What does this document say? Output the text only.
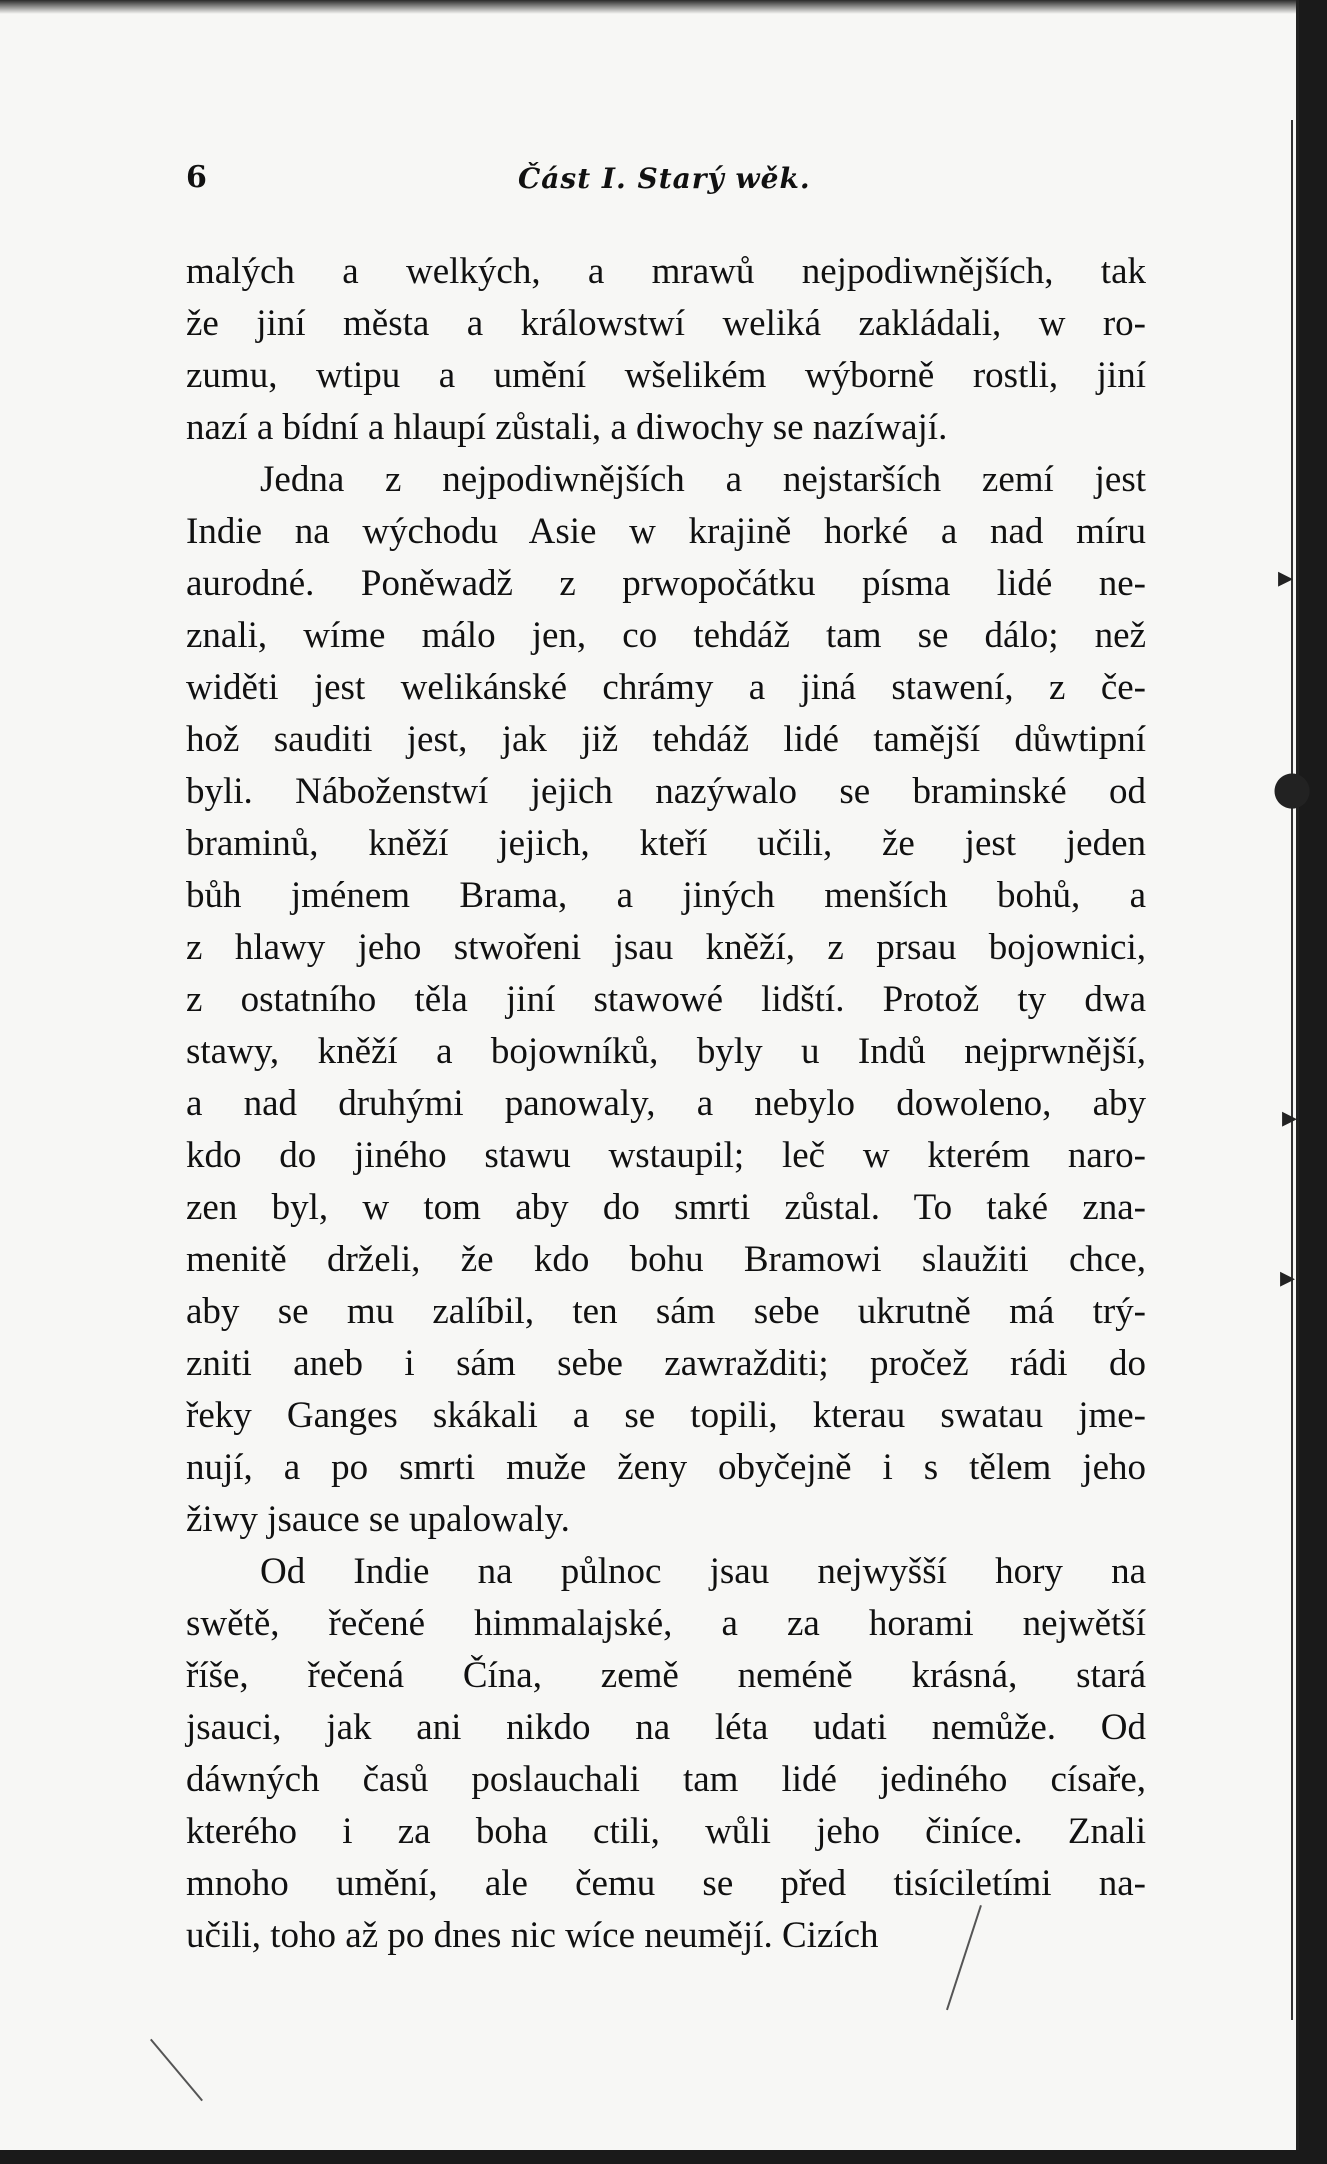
6	Část I. Starý wěk.
malých a welkých, a mrawů nejpodiwnějších, tak
že jiní města a králowstwí weliká zakládali, w ro-
zumu, wtipu a umění wšelikém wýborně rostli, jiní
nazí a bídní a hlaupí zůstali, a diwochy se nazíwají.
Jedna z nejpodiwnějších a nejstarších zemí jest
Indie na wýchodu Asie w krajině horké a nad míru
aurodné. Poněwadž z prwopočátku písma lidé ne-
znali, wíme málo jen, co tehdáž tam se dálo; než
widěti jest welikánské chrámy a jiná stawení, z če-
hož sauditi jest, jak již tehdáž lidé tamější důwtipní
byli. Náboženstwí jejich nazýwalo se braminské od
braminů, kněží jejich, kteří učili, že jest jeden
bůh jménem Brama, a jiných menších bohů, a
z hlawy jeho stwořeni jsau kněží, z prsau bojownici,
z ostatního těla jiní stawowé lidští. Protož ty dwa
stawy, kněží a bojowníků, byly u Indů nejprwnější,
a nad druhými panowaly, a nebylo dowoleno, aby
kdo do jiného stawu wstaupil; leč w kterém naro-
zen byl, w tom aby do smrti zůstal. To také zna-
menitě drželi, že kdo bohu Bramowi slaužiti chce,
aby se mu zalíbil, ten sám sebe ukrutně má trý-
zniti aneb i sám sebe zawražditi; pročež rádi do
řeky Ganges skákali a se topili, kterau swatau jme-
nují, a po smrti muže ženy obyčejně i s tělem jeho
žiwy jsauce se upalowaly.
Od Indie na půlnoc jsau nejwyšší hory na
swětě, řečené himmalajské, a za horami nejwětší
říše, řečená Čína, země neméně krásná, stará
jsauci, jak ani nikdo na léta udati nemůže. Od
dáwných časů poslauchali tam lidé jediného císaře,
kterého i za boha ctili, wůli jeho činíce. Znali
mnoho umění, ale čemu se před tisíciletími na-
učili, toho až po dnes nic wíce neumějí. Cizích
▸
●
▸
▸
